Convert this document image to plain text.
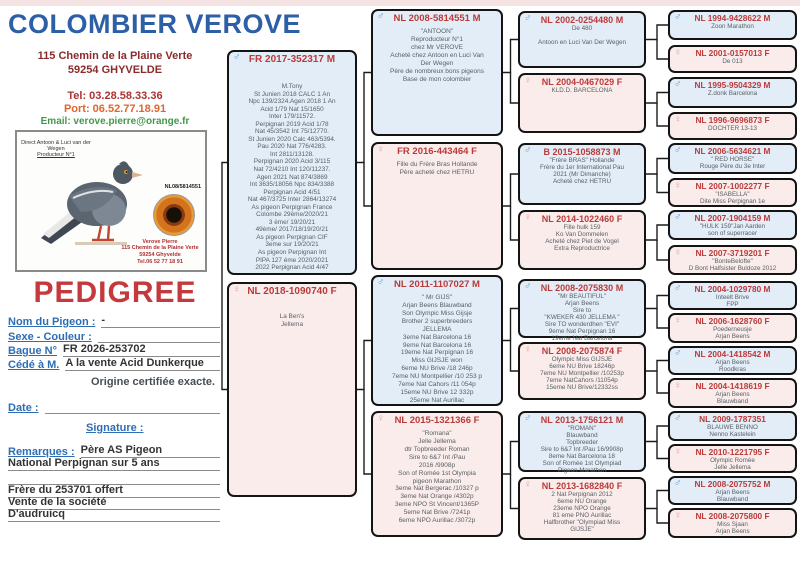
COLOMBIER VEROVE
115 Chemin de la Plaine Verte
59254 GHYVELDE
Tel: 03.28.58.33.36
Port: 06.52.77.18.91
Email: verove.pierre@orange.fr
Direct Antoon & Luci van der Wegen
Producteur N°1
NL08/5814551
Verove Pierre
115 Chemin de la Plaine Verte
59254 Ghyvelde
Tel.06 52 77 18 91
PEDIGREE
Nom du Pigeon : -
Sexe - Couleur :
Bague N° FR 2026-253702
Cédé à M. A la vente Acid Dunkerque
Origine certifiée exacte.
Date :
Signature :
Remarques : Père AS Pigeon
National Perpignan sur 5 ans
Frère du 253701 offert
Vente de la société
D'audruicq
♂ FR 2017-352317 M
M.Tony
St Junien 2018 CALC 1 An
Npc 139/2324.Agen 2018 1 An
Acid 1/79 Nat 15/1650
Inter 179/11572.
Perpignan 2019 Acid 1/78
Nat 45/3542 Int 75/12770.
St Junien 2020 Calc 463/5394.
Pau 2020 Nat 776/4283.
Int 2811/13128.
Perpignan 2020 Acid 3/115
Nat 72/4210 Int 120/11237.
Agen 2021 Nat 874/3869
Int 3635/18056 Npc 834/3388
Perpignan Acid 4/51
Nat 467/3725 Inter 2864/13274
As pigeon Perpignan France
Colombe 29ème/2020/21
3 ème/ 19/20/21
49ème/ 2017/18/19/20/21
As pigeon Perpignan CIF
3eme sur 19/20/21
As pigeon Perpignan Int
PIPA 127 éme 2020/2021
2022 Perpignan Acid 4/47
♀ NL 2018-1090740 F
La Ben's
Jellema
♂ NL 2008-5814551 M
"ANTOON"
Reproducteur N°1
chez Mr VEROVE
Acheté chez Antoon en Luci Van
Der Wegen
Père de nombreux bons pigeons
Base de mon colombier
♀	FR 2016-443464 F
Fille du Frère Bras Hollande
Père acheté chez HETRU
♂	NL 2011-1107027 M
" Mr GIJS"
Arjan Beens Blauwband
Son Olympic Miss Gijsje
Brother 2 superbreeders
JELLEMA
3eme Nat Barcelona 16
9eme Nat Barcelona 16
19eme Nat Perpignan 16
Miss GIJSJE won
6eme NU Brive /18 246p
7eme NU Montpellier /10 253 p
7eme Nat Cahors /11 054p
15eme NU Brive 12 332p
25eme Nat Aurillac
♀	NL 2015-1321366 F
"Romana"
Jelle Jellema
dtr Topbreeder Roman
Sire to 6&7 Int /Pau
2016 /9908p
Son of Romée 1st Olympia
pigeon Marathon
3eme Nat Bergerac /10327 p
3eme Nat Orange /4302p
3eme NPO St Vincent/1365P
5eme Nat Brive /7241p
6eme NPO Aurillac /3072p
♂	NL 2002-0254480 M
De 480

Antoon en Luci Van Der Wegen
♀	NL 2004-0467029 F
KLD.D. BARCELONA
♂	B 2015-1058873 M
"Frère BRAS" Hollande
Frère du 1er International Pau
2021 (Mr Dimanche)
Acheté chez HETRU
♀	NL 2014-1022460 F
Fille hulk 159
Ko Van Dommelen
Acheté chez Piet de Vogel
Extra Reproductrice
♂	NL 2008-2075830 M
"Mr BEAUTIFUL"
Arjan Beens
Sire to
"KWEKER 430 JELLEMA "
Sire TO wonderdhen "EVI"
9eme Nat Perpignan 16
19eme Nat Barcelona
♀	NL 2008-2075874 F
Olympic Miss GIJSJE
6eme NU Brive 18246p
7eme NU Montpellier /10253p
7eme NatCahors /11054p
15eme NU Brive/12332ss
♂	NL 2013-1756121 M
"ROMAN"
Blauwband
Topbreeder
Sire to 6&7 Int /Pau 16/9908p
8eme Nat Barcelona 18
Son of Romée 1st Olympiad
Pigeon Marathon
♀	NL 2013-1682840 F
2 Nat Perpignan 2012
6eme NU Orange
23eme NPO Orange
81 eme PNO Aurillac
Halfbrother "Olympiad Miss
GIJSJE"
♂	NL 1994-9428622 M
Zoon Marathon
♀	NL 2001-0157013 F
De 013
♂	NL 1995-9504329 M
Z.donk Barcelona
♀	NL 1996-9696873 F
DOCHTER 13-13
♂	NL 2006-5634621 M
" RED HORSE"
Rouge Père du 3e Inter
♀	NL 2007-1002277 F
"ISABELLA"
Dite Miss Perpignan 1e
♂	NL 2007-1904159 M
"HULK 159"Jan Aarden
son of superracer
♀	NL 2007-3719201 F
"BonteBelofte"
D Bont Halfsister Buldoze 2012
♂	NL 2004-1029780 M
Inteelt Brive
FPP
♀	NL 2006-1628760 F
Poederneusje
Arjan Beens
♂	NL 2004-1418542 M
Arjan Beens
Roodkras
♀	NL 2004-1418619 F
Arjan Beens
Blauwband
♂	NL 2009-1787351
BLAUWE BENNO
Nenno Kastelein
♀	NL 2010-1221795 F
Olympic Romée
Jelle Jellema
♂	NL 2008-2075752 M
Arjan Beens
Blauwband
♀	NL 2008-2075800 F
Miss Sjaan
Arjan Beens
